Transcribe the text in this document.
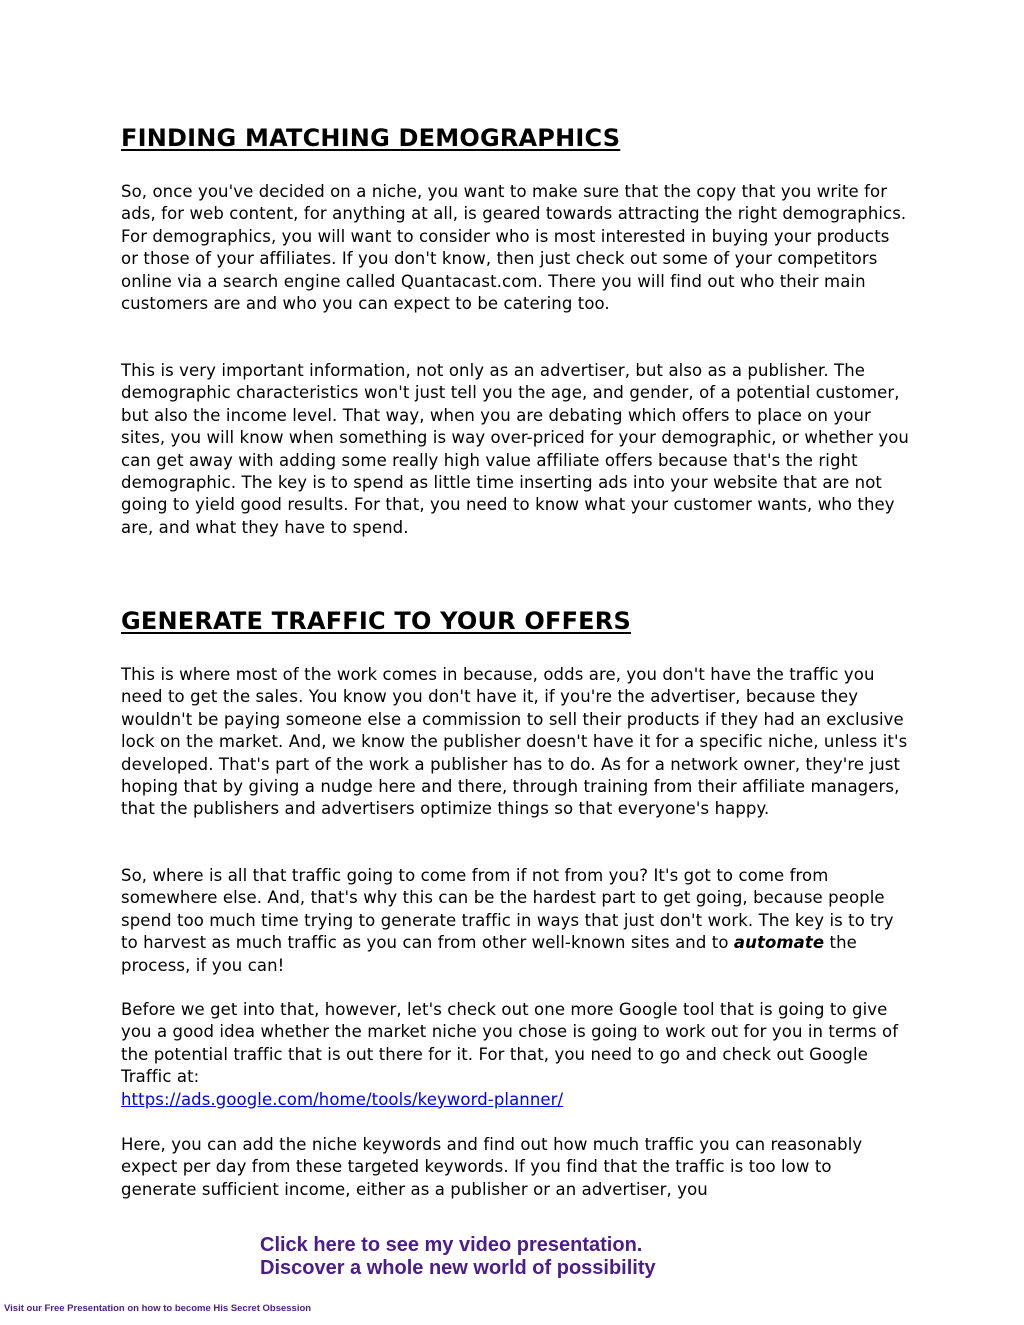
FINDING MATCHING DEMOGRAPHICS

So, once you've decided on a niche, you want to make sure that the copy that you write for ads, for web content, for anything at all, is geared towards attracting the right demographics. For demographics, you will want to consider who is most interested in buying your products or those of your affiliates. If you don't know, then just check out some of your competitors online via a search engine called Quantacast.com. There you will find out who their main customers are and who you can expect to be catering too.

This is very important information, not only as an advertiser, but also as a publisher. The demographic characteristics won't just tell you the age, and gender, of a potential customer, but also the income level. That way, when you are debating which offers to place on your sites, you will know when something is way over-priced for your demographic, or whether you can get away with adding some really high value affiliate offers because that's the right demographic. The key is to spend as little time inserting ads into your website that are not going to yield good results. For that, you need to know what your customer wants, who they are, and what they have to spend.

GENERATE TRAFFIC TO YOUR OFFERS

This is where most of the work comes in because, odds are, you don't have the traffic you need to get the sales. You know you don't have it, if you're the advertiser, because they wouldn't be paying someone else a commission to sell their products if they had an exclusive lock on the market. And, we know the publisher doesn't have it for a specific niche, unless it's developed. That's part of the work a publisher has to do. As for a network owner, they're just hoping that by giving a nudge here and there, through training from their affiliate managers, that the publishers and advertisers optimize things so that everyone's happy.

So, where is all that traffic going to come from if not from you? It's got to come from somewhere else. And, that's why this can be the hardest part to get going, because people spend too much time trying to generate traffic in ways that just don't work. The key is to try to harvest as much traffic as you can from other well-known sites and to automate the process, if you can!

Before we get into that, however, let's check out one more Google tool that is going to give you a good idea whether the market niche you chose is going to work out for you in terms of the potential traffic that is out there for it. For that, you need to go and check out Google Traffic at:
https://ads.google.com/home/tools/keyword-planner/

Here, you can add the niche keywords and find out how much traffic you can reasonably expect per day from these targeted keywords. If you find that the traffic is too low to generate sufficient income, either as a publisher or an advertiser, you

Click here to see my video presentation.
Discover a whole new world of possibility
Visit our Free Presentation on how to become His Secret Obsession
